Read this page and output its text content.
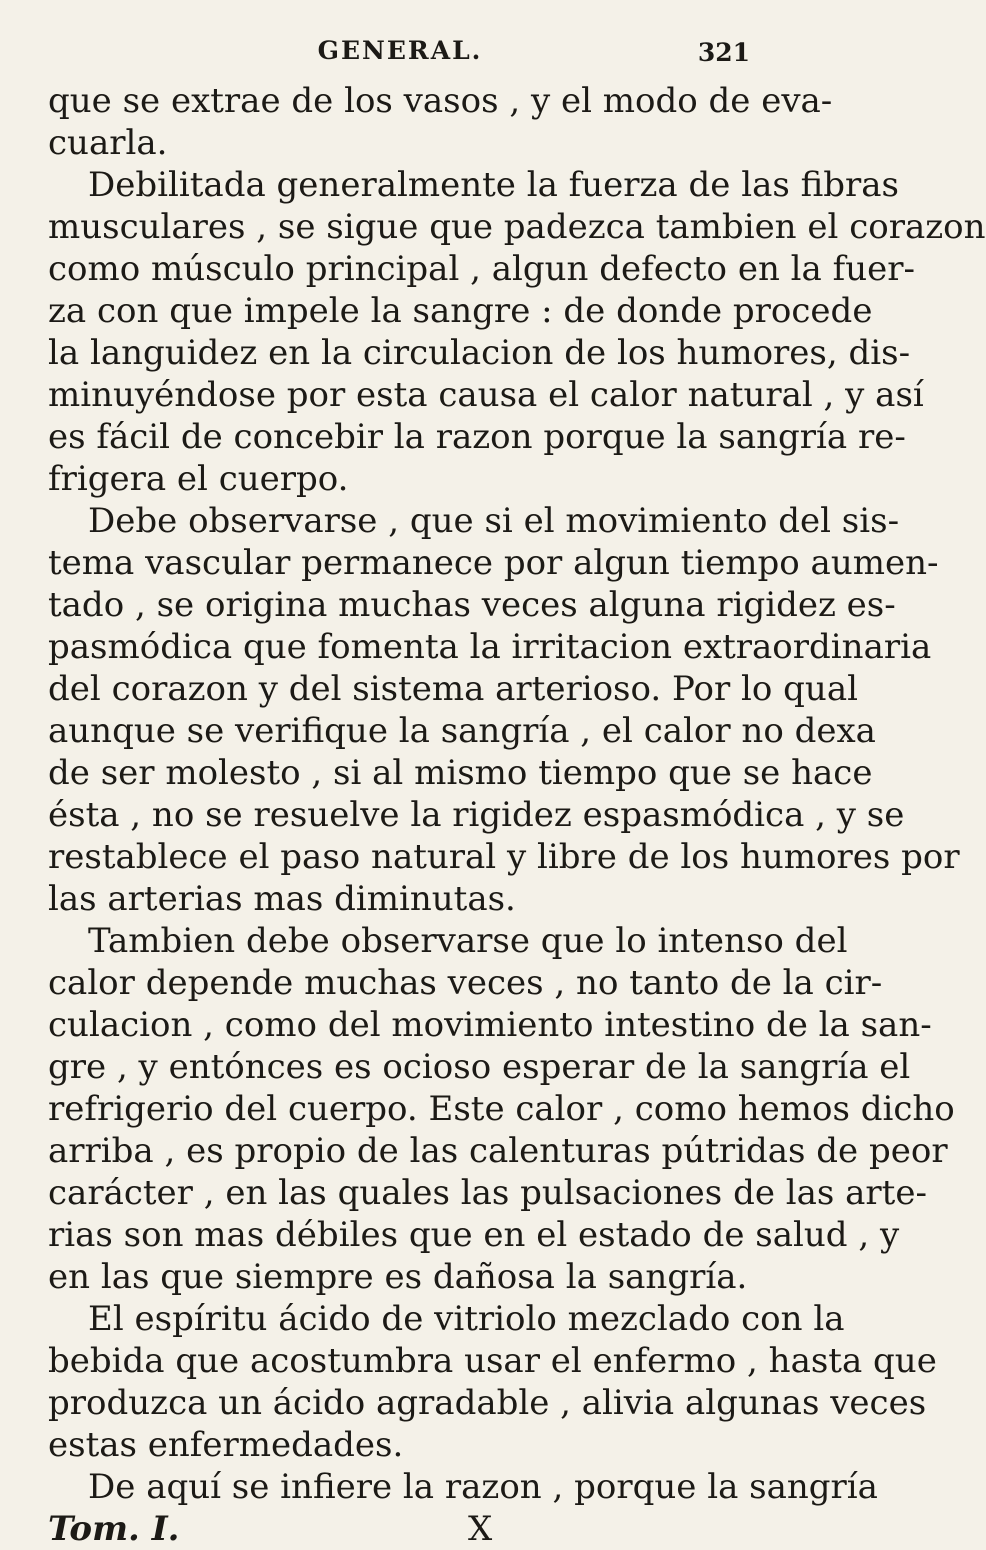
GENERAL.	321
que se extrae de los vasos , y el modo de eva-
cuarla.
Debilitada generalmente la fuerza de las fibras
musculares , se sigue que padezca tambien el corazon
como músculo principal , algun defecto en la fuer-
za con que impele la sangre : de donde procede
la languidez en la circulacion de los humores, dis-
minuyéndose por esta causa el calor natural , y así
es fácil de concebir la razon porque la sangría re-
frigera el cuerpo.
Debe observarse , que si el movimiento del sis-
tema vascular permanece por algun tiempo aumen-
tado , se origina muchas veces alguna rigidez es-
pasmódica que fomenta la irritacion extraordinaria
del corazon y del sistema arterioso. Por lo qual
aunque se verifique la sangría , el calor no dexa
de ser molesto , si al mismo tiempo que se hace
ésta , no se resuelve la rigidez espasmódica , y se
restablece el paso natural y libre de los humores por
las arterias mas diminutas.
Tambien debe observarse que lo intenso del
calor depende muchas veces , no tanto de la cir-
culacion , como del movimiento intestino de la san-
gre , y entónces es ocioso esperar de la sangría el
refrigerio del cuerpo. Este calor , como hemos dicho
arriba , es propio de las calenturas pútridas de peor
carácter , en las quales las pulsaciones de las arte-
rias son mas débiles que en el estado de salud , y
en las que siempre es dañosa la sangría.
El espíritu ácido de vitriolo mezclado con la
bebida que acostumbra usar el enfermo , hasta que
produzca un ácido agradable , alivia algunas veces
estas enfermedades.
De aquí se infiere la razon , porque la sangría
Tom. I.	X
